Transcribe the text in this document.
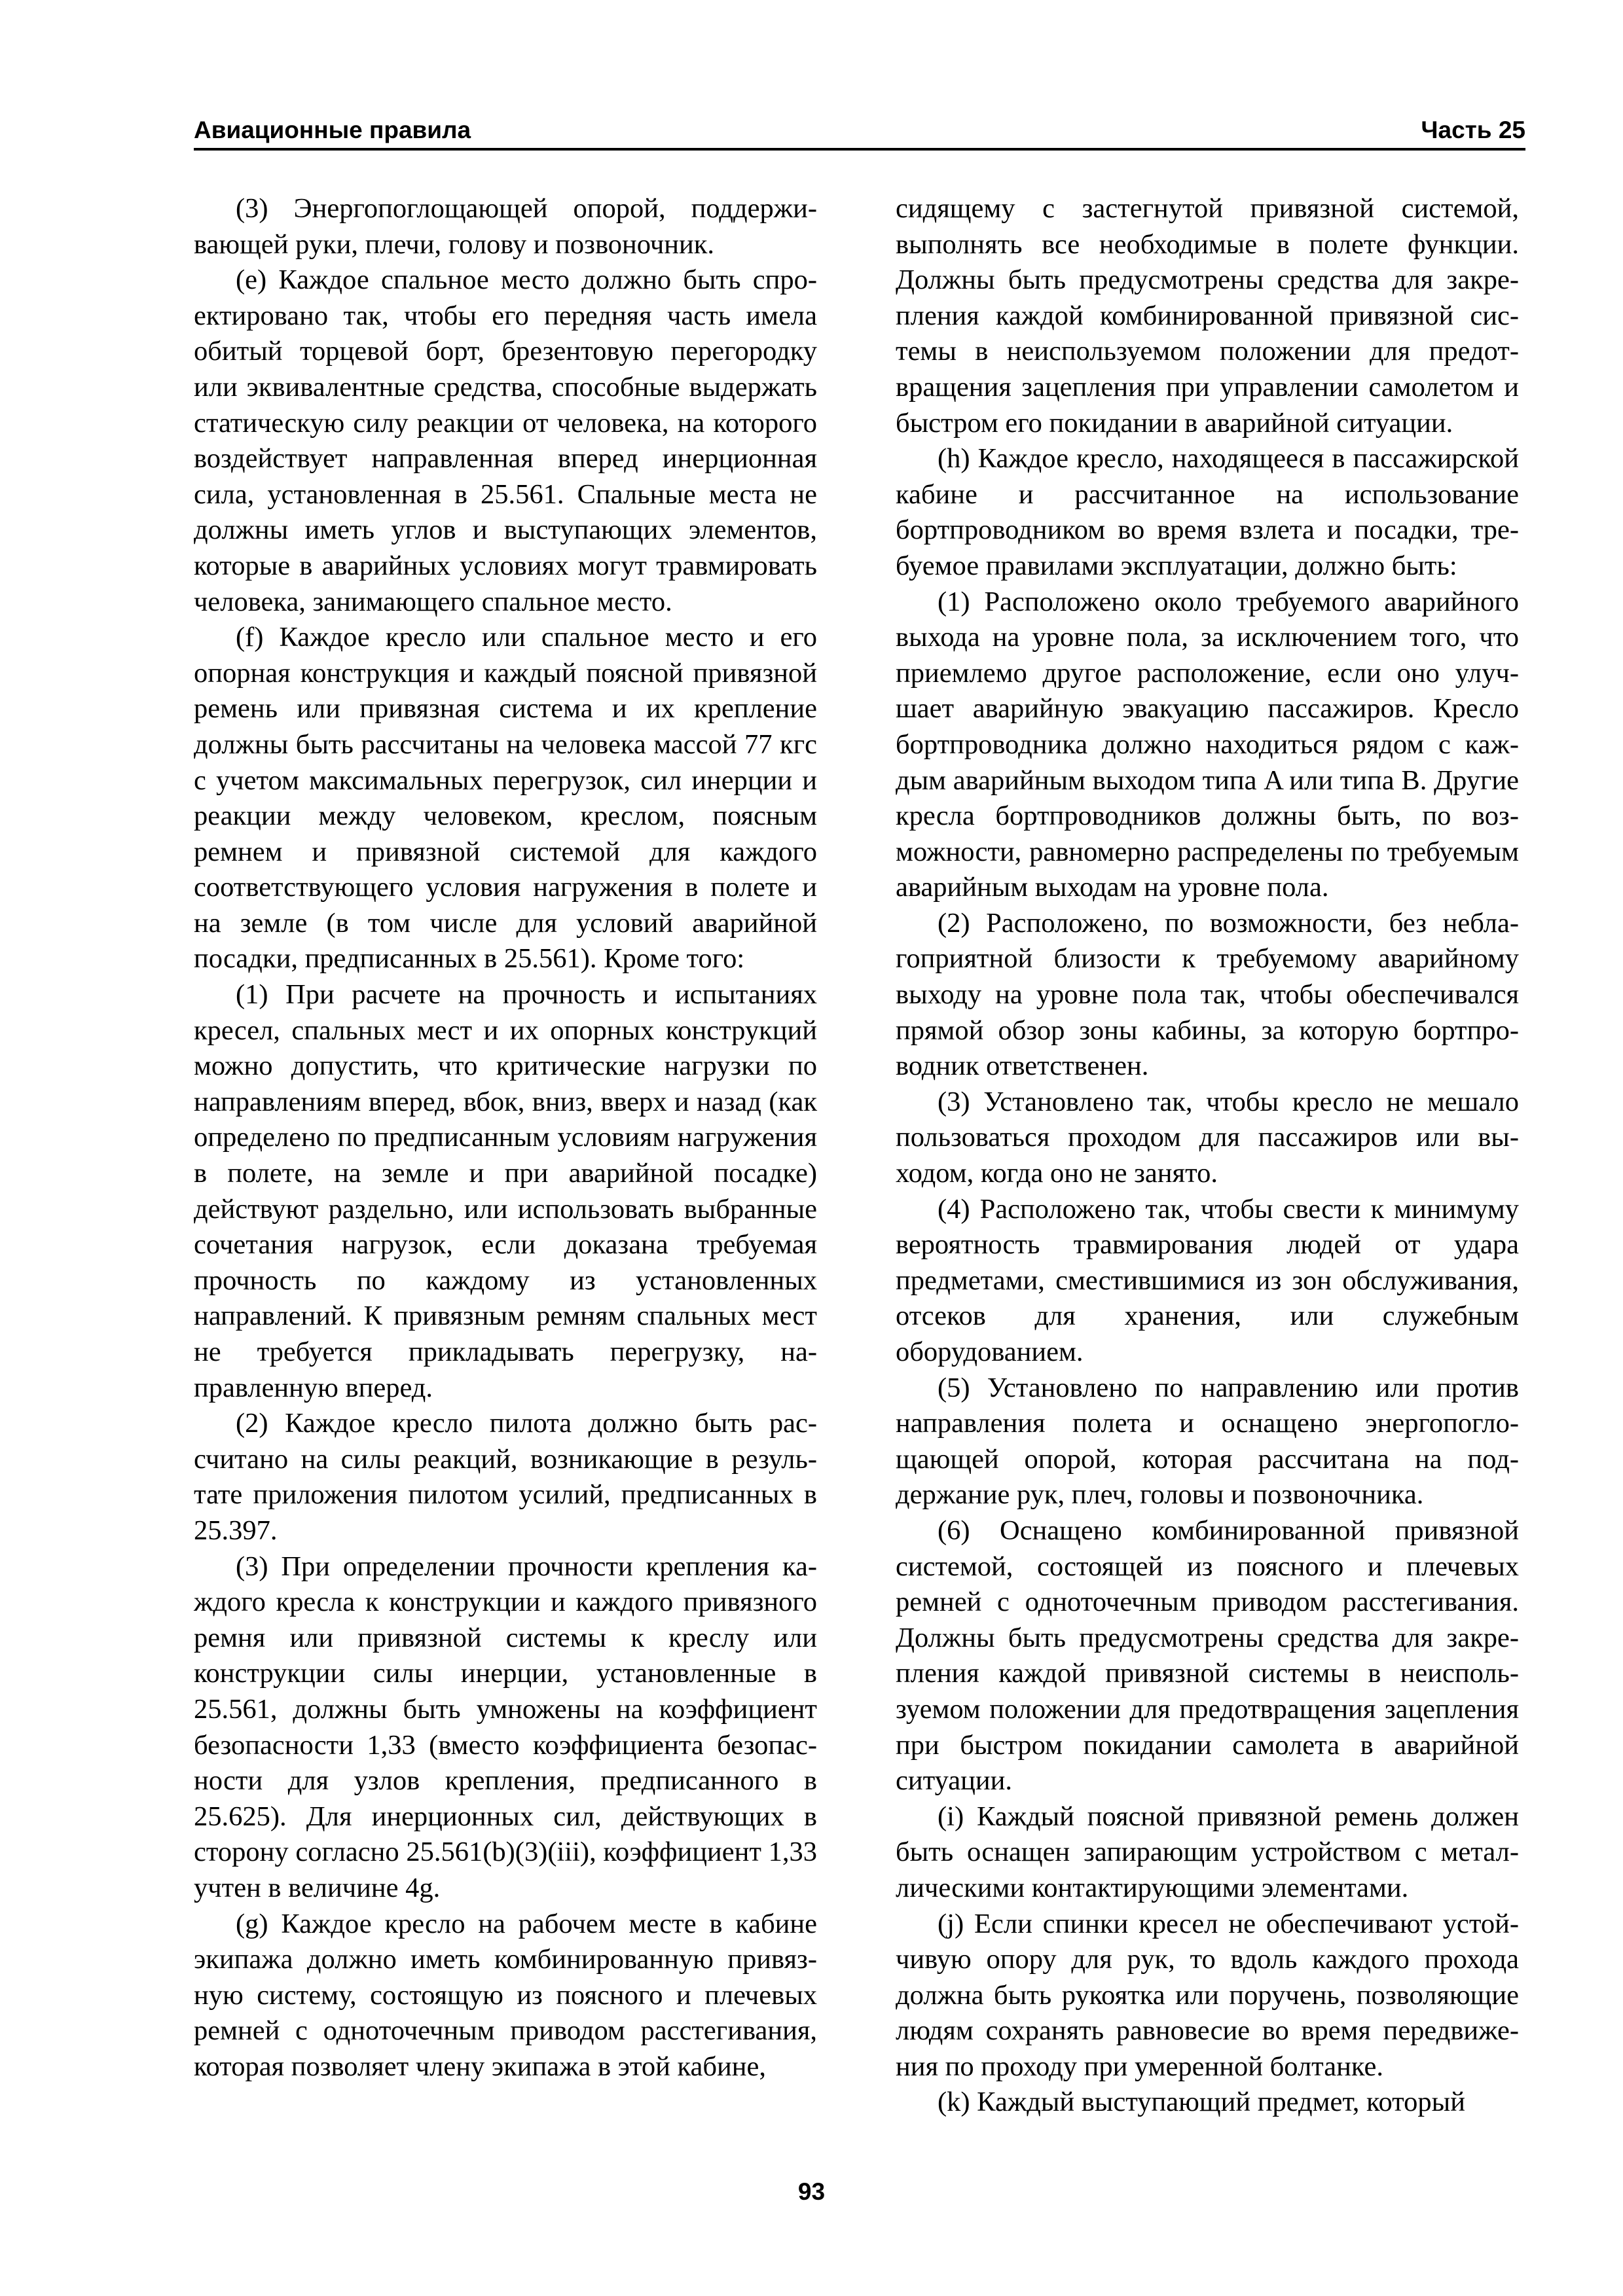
Авиационные правила	Часть 25

(3) Энергопоглощающей опорой, поддерживающей руки, плечи, голову и позвоночник.

(е) Каждое спальное место должно быть спроектировано так, чтобы его передняя часть имела обитый торцевой борт, брезентовую перегородку или эквивалентные средства, способные выдержать статическую силу реакции от человека, на которого воздействует направленная вперед инерционная сила, установленная в 25.561. Спальные места не должны иметь углов и выступающих элементов, которые в аварийных условиях могут травмировать человека, занимающего спальное место.

(f) Каждое кресло или спальное место и его опорная конструкция и каждый поясной привязной ремень или привязная система и их крепление должны быть рассчитаны на человека массой 77 кгс с учетом максимальных перегрузок, сил инерции и реакции между человеком, креслом, поясным ремнем и привязной системой для каждого соответствующего условия нагружения в полете и на земле (в том числе для условий аварийной посадки, предписанных в 25.561). Кроме того:

(1) При расчете на прочность и испытаниях кресел, спальных мест и их опорных конструкций можно допустить, что критические нагрузки по направлениям вперед, вбок, вниз, вверх и назад (как определено по предписанным условиям нагружения в полете, на земле и при аварийной посадке) действуют раздельно, или использовать выбранные сочетания нагрузок, если доказана требуемая прочность по каждому из установленных направлений. К привязным ремням спальных мест не требуется прикладывать перегрузку, направленную вперед.

(2) Каждое кресло пилота должно быть рассчитано на силы реакций, возникающие в результате приложения пилотом усилий, предписанных в 25.397.

(3) При определении прочности крепления каждого кресла к конструкции и каждого привязного ремня или привязной системы к креслу или конструкции силы инерции, установленные в 25.561, должны быть умножены на коэффициент безопасности 1,33 (вместо коэффициента безопасности для узлов крепления, предписанного в 25.625). Для инерционных сил, действующих в сторону согласно 25.561(b)(3)(iii), коэффициент 1,33 учтен в величине 4g.

(g) Каждое кресло на рабочем месте в кабине экипажа должно иметь комбинированную привязную систему, состоящую из поясного и плечевых ремней с одноточечным приводом расстегивания, которая позволяет члену экипажа в этой кабине,

сидящему с застегнутой привязной системой, выполнять все необходимые в полете функции. Должны быть предусмотрены средства для закрепления каждой комбинированной привязной системы в неиспользуемом положении для предотвращения зацепления при управлении самолетом и быстром его покидании в аварийной ситуации.

(h) Каждое кресло, находящееся в пассажирской кабине и рассчитанное на использование бортпроводником во время взлета и посадки, требуемое правилами эксплуатации, должно быть:

(1) Расположено около требуемого аварийного выхода на уровне пола, за исключением того, что приемлемо другое расположение, если оно улучшает аварийную эвакуацию пассажиров. Кресло бортпроводника должно находиться рядом с каждым аварийным выходом типа A или типа B. Другие кресла бортпроводников должны быть, по возможности, равномерно распределены по требуемым аварийным выходам на уровне пола.

(2) Расположено, по возможности, без неблагоприятной близости к требуемому аварийному выходу на уровне пола так, чтобы обеспечивался прямой обзор зоны кабины, за которую бортпроводник ответственен.

(3) Установлено так, чтобы кресло не мешало пользоваться проходом для пассажиров или выходом, когда оно не занято.

(4) Расположено так, чтобы свести к минимуму вероятность травмирования людей от удара предметами, сместившимися из зон обслуживания, отсеков для хранения, или служебным оборудованием.

(5) Установлено по направлению или против направления полета и оснащено энергопоглощающей опорой, которая рассчитана на поддержание рук, плеч, головы и позвоночника.

(6) Оснащено комбинированной привязной системой, состоящей из поясного и плечевых ремней с одноточечным приводом расстегивания. Должны быть предусмотрены средства для закрепления каждой привязной системы в неиспользуемом положении для предотвращения зацепления при быстром покидании самолета в аварийной ситуации.

(i) Каждый поясной привязной ремень должен быть оснащен запирающим устройством с металлическими контактирующими элементами.

(j) Если спинки кресел не обеспечивают устойчивую опору для рук, то вдоль каждого прохода должна быть рукоятка или поручень, позволяющие людям сохранять равновесие во время передвижения по проходу при умеренной болтанке.

(k) Каждый выступающий предмет, который

93
